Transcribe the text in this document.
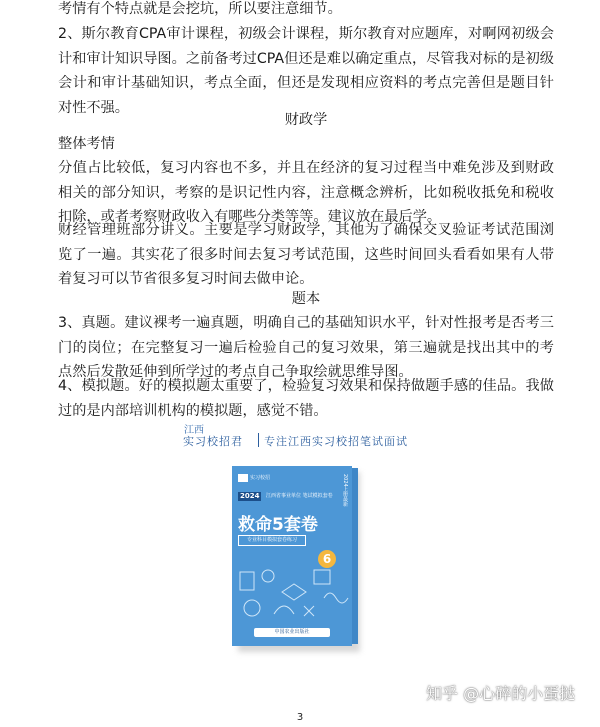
考情有个特点就是会挖坑，所以要注意细节。

2、斯尔教育CPA审计课程，初级会计课程，斯尔教育对应题库，对啊网初级会计和审计知识导图。之前备考过CPA但还是难以确定重点，尽管我对标的是初级会计和审计基础知识，考点全面，但还是发现相应资料的考点完善但是题目针对性不强。

财政学

整体考情

分值占比较低，复习内容也不多，并且在经济的复习过程当中难免涉及到财政相关的部分知识，考察的是识记性内容，注意概念辨析，比如税收抵免和税收扣除，或者考察财政收入有哪些分类等等。建议放在最后学。

财经管理班部分讲义。主要是学习财政学，其他为了确保交叉验证考试范围浏览了一遍。其实花了很多时间去复习考试范围，这些时间回头看看如果有人带着复习可以节省很多复习时间去做申论。

题本

3、真题。建议裸考一遍真题，明确自己的基础知识水平，针对性报考是否考三门的岗位；在完整复习一遍后检验自己的复习效果，第三遍就是找出其中的考点然后发散延伸到所学过的考点自己争取绘就思维导图。

4、模拟题。好的模拟题太重要了，检验复习效果和保持做题手感的佳品。我做过的是内部培训机构的模拟题，感觉不错。

江西
实习校招君 专注江西实习校招笔试面试
实习校招
2024	江西省事业单位 笔试模拟套卷 2024上册最新
救命5套卷
专业科目模拟套卷练习
6
中国农业出版社
知乎 @心碎的小蛋挞
3
